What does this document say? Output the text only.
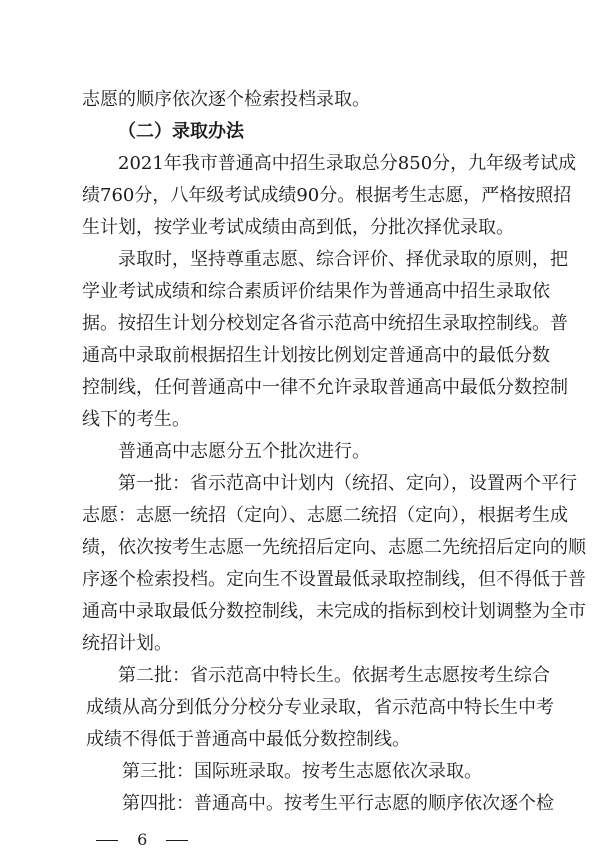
志愿的顺序依次逐个检索投档录取。
（二）录取办法
2021年我市普通高中招生录取总分850分，九年级考试成
绩760分，八年级考试成绩90分。根据考生志愿，严格按照招
生计划，按学业考试成绩由高到低，分批次择优录取。
录取时，坚持尊重志愿、综合评价、择优录取的原则，把
学业考试成绩和综合素质评价结果作为普通高中招生录取依
据。按招生计划分校划定各省示范高中统招生录取控制线。普
通高中录取前根据招生计划按比例划定普通高中的最低分数
控制线，任何普通高中一律不允许录取普通高中最低分数控制
线下的考生。
普通高中志愿分五个批次进行。
第一批：省示范高中计划内（统招、定向），设置两个平行
志愿：志愿一统招（定向）、志愿二统招（定向），根据考生成
绩，依次按考生志愿一先统招后定向、志愿二先统招后定向的顺
序逐个检索投档。定向生不设置最低录取控制线，但不得低于普
通高中录取最低分数控制线，未完成的指标到校计划调整为全市
统招计划。
第二批：省示范高中特长生。依据考生志愿按考生综合
成绩从高分到低分分校分专业录取，省示范高中特长生中考
成绩不得低于普通高中最低分数控制线。
第三批：国际班录取。按考生志愿依次录取。
第四批：普通高中。按考生平行志愿的顺序依次逐个检
6
